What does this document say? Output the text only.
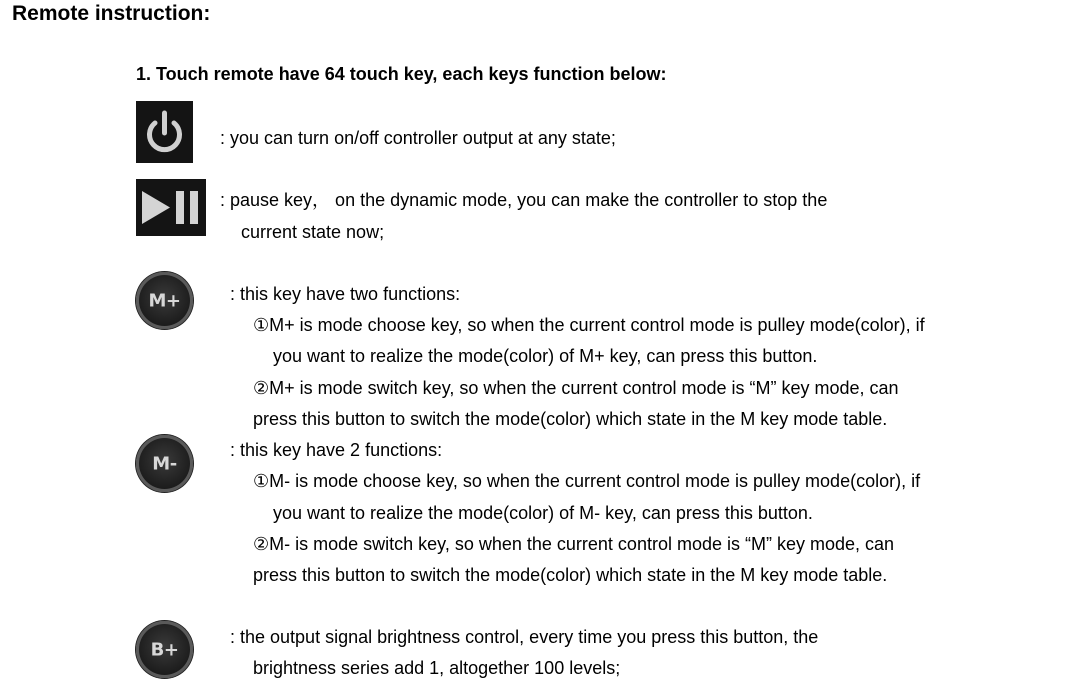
Remote instruction:
1. Touch remote have 64 touch key, each keys function below:
: you can turn on/off controller output at any state;
: pause key， on the dynamic mode, you can make the controller to stop the
current state now;
M+	: this key have two functions:
①M+ is mode choose key, so when the current control mode is pulley mode(color), if
you want to realize the mode(color) of M+ key, can press this button.
②M+ is mode switch key, so when the current control mode is “M” key mode, can
press this button to switch the mode(color) which state in the M key mode table.
M-
: this key have 2 functions:
①M- is mode choose key, so when the current control mode is pulley mode(color), if
you want to realize the mode(color) of M- key, can press this button.
②M- is mode switch key, so when the current control mode is “M” key mode, can
press this button to switch the mode(color) which state in the M key mode table.
B+
: the output signal brightness control, every time you press this button, the
brightness series add 1, altogether 100 levels;
